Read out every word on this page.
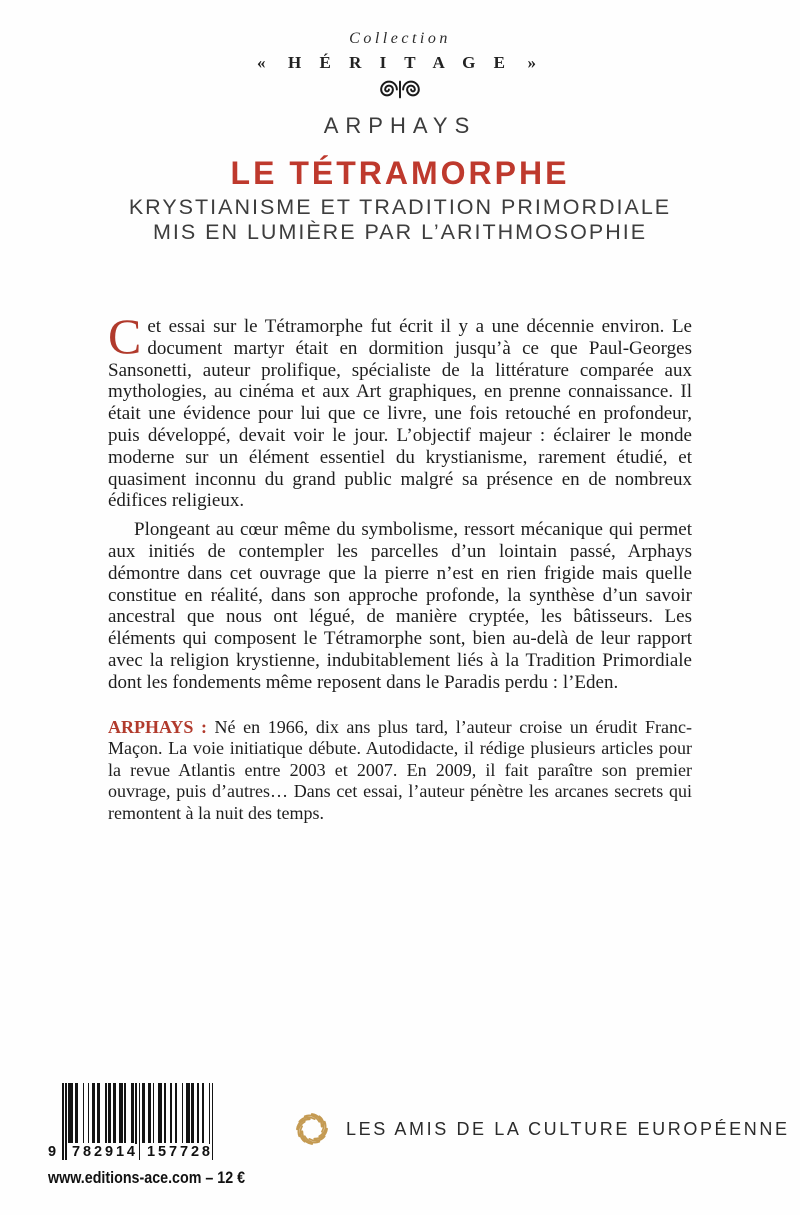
Collection
« H É R I T A G E »
ARPHAYS
LE TÉTRAMORPHE
KRYSTIANISME ET TRADITION PRIMORDIALE
MIS EN LUMIÈRE PAR L’ARITHMOSOPHIE

Cet essai sur le Tétramorphe fut écrit il y a une décennie environ. Le document martyr était en dormition jusqu’à ce que Paul-Georges Sansonetti, auteur prolifique, spécialiste de la littérature comparée aux mythologies, au cinéma et aux Art graphiques, en prenne connaissance. Il était une évidence pour lui que ce livre, une fois retouché en profondeur, puis développé, devait voir le jour. L’objectif majeur : éclairer le monde moderne sur un élément essentiel du krystianisme, rarement étudié, et quasiment inconnu du grand public malgré sa présence en de nombreux édifices religieux.

Plongeant au cœur même du symbolisme, ressort mécanique qui permet aux initiés de contempler les parcelles d’un lointain passé, Arphays démontre dans cet ouvrage que la pierre n’est en rien frigide mais quelle constitue en réalité, dans son approche profonde, la synthèse d’un savoir ancestral que nous ont légué, de manière cryptée, les bâtisseurs. Les éléments qui composent le Tétramorphe sont, bien au-delà de leur rapport avec la religion krystienne, indubitablement liés à la Tradition Primordiale dont les fondements même reposent dans le Paradis perdu : l’Eden.

ARPHAYS : Né en 1966, dix ans plus tard, l’auteur croise un érudit Franc-Maçon. La voie initiatique débute. Autodidacte, il rédige plusieurs articles pour la revue Atlantis entre 2003 et 2007. En 2009, il fait paraître son premier ouvrage, puis d’autres… Dans cet essai, l’auteur pénètre les arcanes secrets qui remontent à la nuit des temps.

9 7 8 2 9 1 4 1 5 7 7 2 8
www.editions-ace.com – 12 €
LES AMIS DE LA CULTURE EUROPÉENNE
